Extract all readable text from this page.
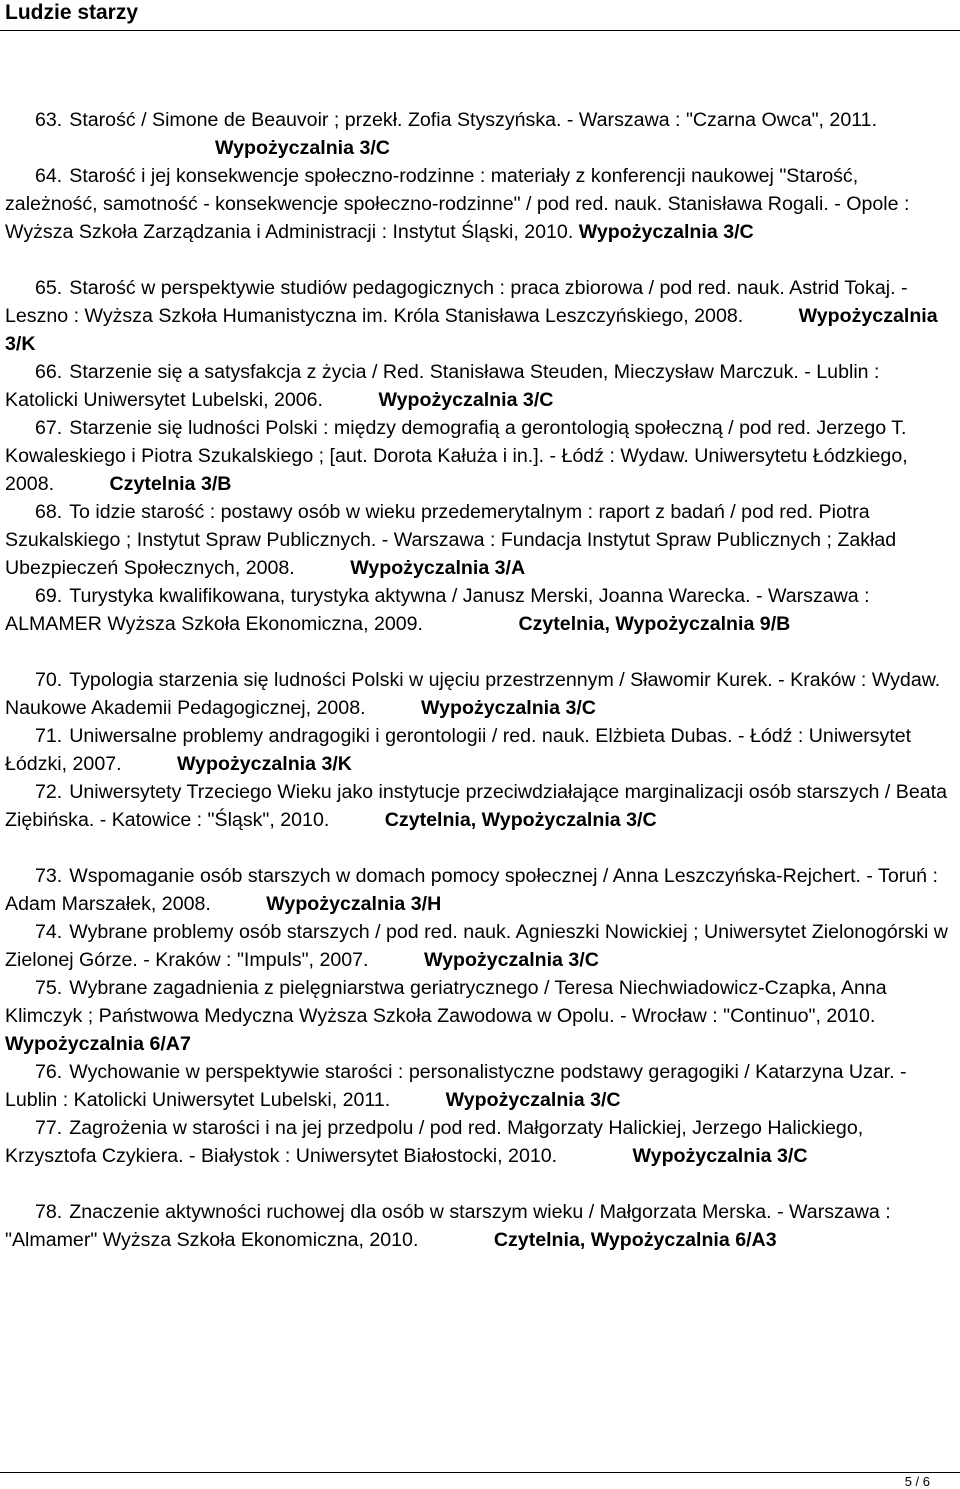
Ludzie starzy

63. Starość / Simone de Beauvoir ; przekł. Zofia Styszyńska. - Warszawa : "Czarna Owca", 2011. Wypożyczalnia 3/C

64. Starość i jej konsekwencje społeczno-rodzinne : materiały z konferencji naukowej "Starość, zależność, samotność - konsekwencje społeczno-rodzinne" / pod red. nauk. Stanisława Rogali. - Opole : Wyższa Szkoła Zarządzania i Administracji : Instytut Śląski, 2010. Wypożyczalnia 3/C

65. Starość w perspektywie studiów pedagogicznych : praca zbiorowa / pod red. nauk. Astrid Tokaj. - Leszno : Wyższa Szkoła Humanistyczna im. Króla Stanisława Leszczyńskiego, 2008.	Wypożyczalnia 3/K

66. Starzenie się a satysfakcja z życia / Red. Stanisława Steuden, Mieczysław Marczuk. - Lublin : Katolicki Uniwersytet Lubelski, 2006.	Wypożyczalnia 3/C

67. Starzenie się ludności Polski : między demografią a gerontologią społeczną / pod red. Jerzego T. Kowaleskiego i Piotra Szukalskiego ; [aut. Dorota Kałuża i in.]. - Łódź : Wydaw. Uniwersytetu Łódzkiego, 2008.	Czytelnia 3/B

68. To idzie starość : postawy osób w wieku przedemerytalnym : raport z badań / pod red. Piotra Szukalskiego ; Instytut Spraw Publicznych. - Warszawa : Fundacja Instytut Spraw Publicznych ; Zakład Ubezpieczeń Społecznych, 2008.	Wypożyczalnia 3/A

69. Turystyka kwalifikowana, turystyka aktywna / Janusz Merski, Joanna Warecka. - Warszawa : ALMAMER Wyższa Szkoła Ekonomiczna, 2009.	Czytelnia, Wypożyczalnia 9/B

70. Typologia starzenia się ludności Polski w ujęciu przestrzennym / Sławomir Kurek. - Kraków : Wydaw. Naukowe Akademii Pedagogicznej, 2008.	Wypożyczalnia 3/C

71. Uniwersalne problemy andragogiki i gerontologii / red. nauk. Elżbieta Dubas. - Łódź : Uniwersytet Łódzki, 2007.	Wypożyczalnia 3/K

72. Uniwersytety Trzeciego Wieku jako instytucje przeciwdziałające marginalizacji osób starszych / Beata Ziębińska. - Katowice : "Śląsk", 2010.	Czytelnia, Wypożyczalnia 3/C

73. Wspomaganie osób starszych w domach pomocy społecznej / Anna Leszczyńska-Rejchert. - Toruń : Adam Marszałek, 2008.	Wypożyczalnia 3/H

74. Wybrane problemy osób starszych / pod red. nauk. Agnieszki Nowickiej ; Uniwersytet Zielonogórski w Zielonej Górze. - Kraków : "Impuls", 2007.	Wypożyczalnia 3/C

75. Wybrane zagadnienia z pielęgniarstwa geriatrycznego / Teresa Niechwiadowicz-Czapka, Anna Klimczyk ; Państwowa Medyczna Wyższa Szkoła Zawodowa w Opolu. - Wrocław : "Continuo", 2010. Wypożyczalnia 6/A7

76. Wychowanie w perspektywie starości : personalistyczne podstawy geragogiki / Katarzyna Uzar. - Lublin : Katolicki Uniwersytet Lubelski, 2011.	Wypożyczalnia 3/C

77. Zagrożenia w starości i na jej przedpolu / pod red. Małgorzaty Halickiej, Jerzego Halickiego, Krzysztofa Czykiera. - Białystok : Uniwersytet Białostocki, 2010.	Wypożyczalnia 3/C

78. Znaczenie aktywności ruchowej dla osób w starszym wieku / Małgorzata Merska. - Warszawa : "Almamer" Wyższa Szkoła Ekonomiczna, 2010.	Czytelnia, Wypożyczalnia 6/A3

5 / 6
